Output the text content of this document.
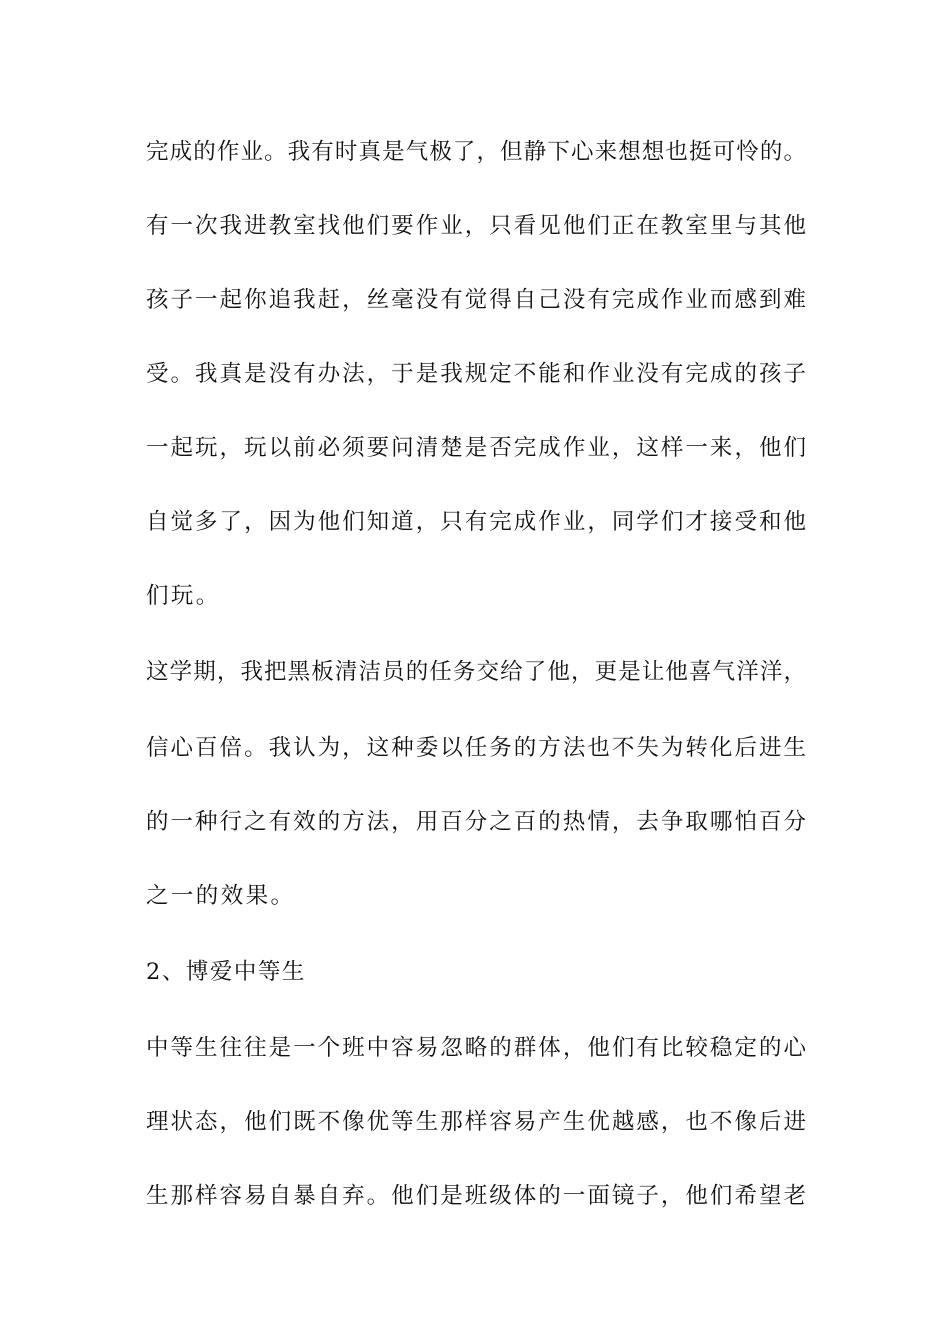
完成的作业。我有时真是气极了，但静下心来想想也挺可怜的。
有一次我进教室找他们要作业，只看见他们正在教室里与其他
孩子一起你追我赶，丝毫没有觉得自己没有完成作业而感到难
受。我真是没有办法，于是我规定不能和作业没有完成的孩子
一起玩，玩以前必须要问清楚是否完成作业，这样一来，他们
自觉多了，因为他们知道，只有完成作业，同学们才接受和他
们玩。
这学期，我把黑板清洁员的任务交给了他，更是让他喜气洋洋，
信心百倍。我认为，这种委以任务的方法也不失为转化后进生
的一种行之有效的方法，用百分之百的热情，去争取哪怕百分
之一的效果。
2、博爱中等生
中等生往往是一个班中容易忽略的群体，他们有比较稳定的心
理状态，他们既不像优等生那样容易产生优越感，也不像后进
生那样容易自暴自弃。他们是班级体的一面镜子，他们希望老
